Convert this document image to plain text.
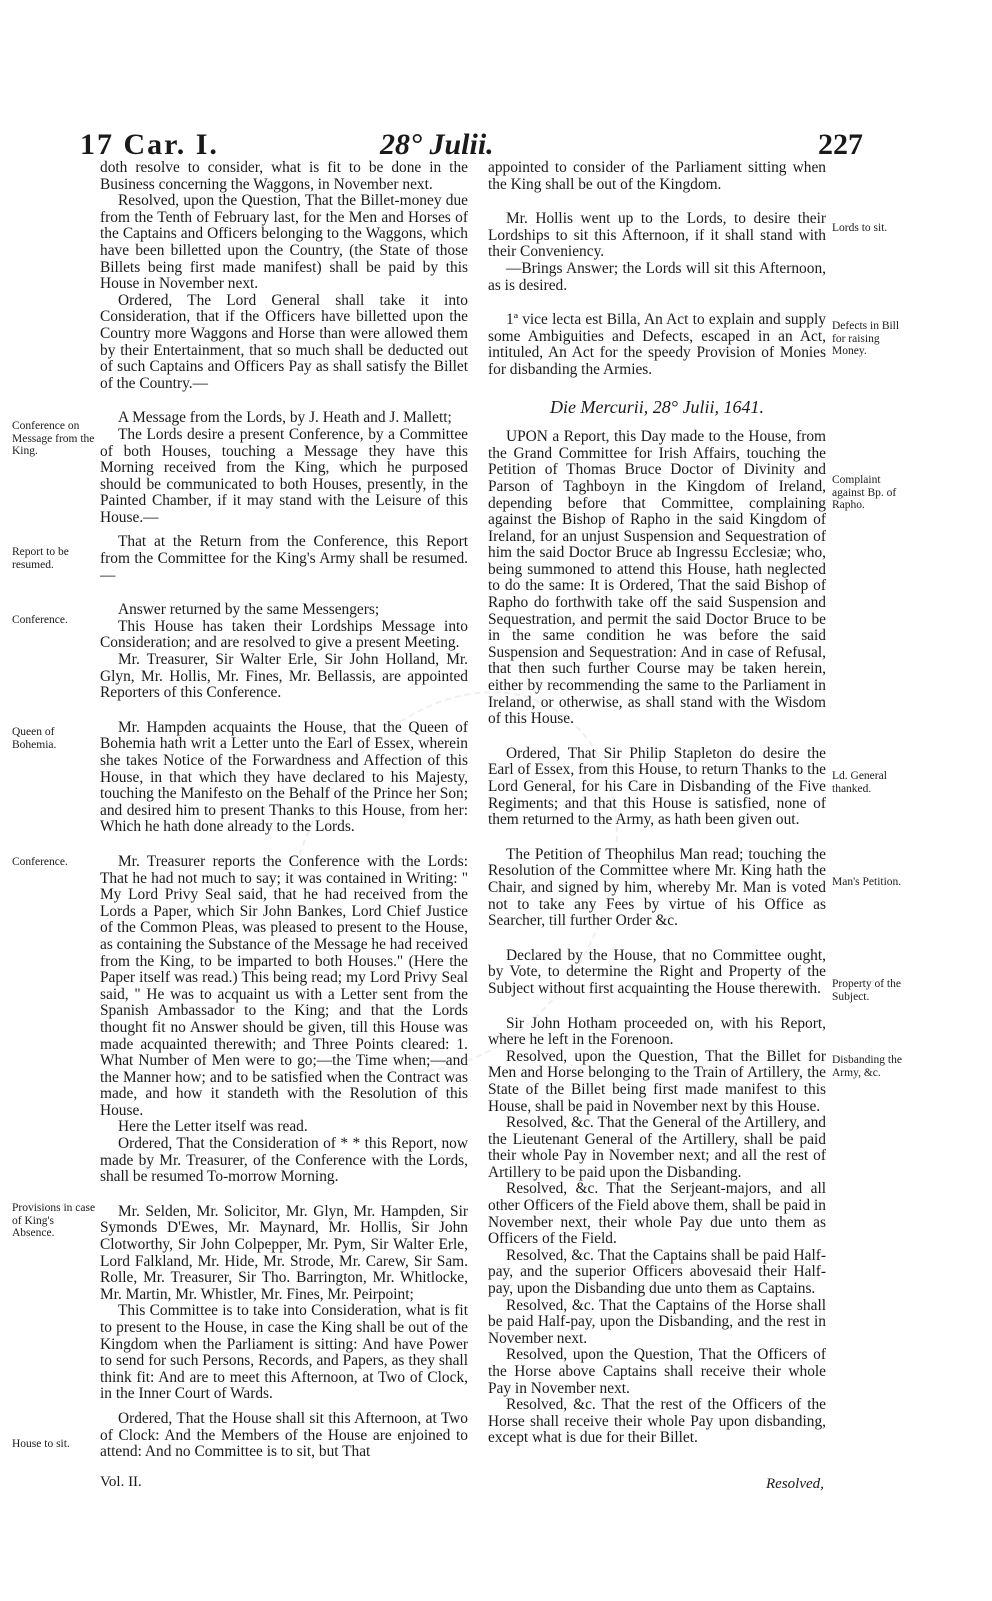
17 Car. I.	28° Julii.	227

doth resolve to consider, what is fit to be done in the Business concerning the Waggons, in November next.

Resolved, upon the Question, That the Billet-money due from the Tenth of February last, for the Men and Horses of the Captains and Officers belonging to the Waggons, which have been billetted upon the Country, (the State of those Billets being first made manifest) shall be paid by this House in November next.

Ordered, The Lord General shall take it into Consideration, that if the Officers have billetted upon the Country more Waggons and Horse than were allowed them by their Entertainment, that so much shall be deducted out of such Captains and Officers Pay as shall satisfy the Billet of the Country.—

A Message from the Lords, by J. Heath and J. Mallett;

The Lords desire a present Conference, by a Committee of both Houses, touching a Message they have this Morning received from the King, which he purposed should be communicated to both Houses, presently, in the Painted Chamber, if it may stand with the Leisure of this House.—

That at the Return from the Conference, this Report from the Committee for the King's Army shall be resumed.—

Answer returned by the same Messengers;

This House has taken their Lordships Message into Consideration; and are resolved to give a present Meeting.

Mr. Treasurer, Sir Walter Erle, Sir John Holland, Mr. Glyn, Mr. Hollis, Mr. Fines, Mr. Bellassis, are appointed Reporters of this Conference.

Mr. Hampden acquaints the House, that the Queen of Bohemia hath writ a Letter unto the Earl of Essex, wherein she takes Notice of the Forwardness and Affection of this House, in that which they have declared to his Majesty, touching the Manifesto on the Behalf of the Prince her Son; and desired him to present Thanks to this House, from her: Which he hath done already to the Lords.

Mr. Treasurer reports the Conference with the Lords: That he had not much to say; it was contained in Writing: " My Lord Privy Seal said, that he had received from the Lords a Paper, which Sir John Bankes, Lord Chief Justice of the Common Pleas, was pleased to present to the House, as containing the Substance of the Message he had received from the King, to be imparted to both Houses." (Here the Paper itself was read.) This being read; my Lord Privy Seal said, " He was to acquaint us with a Letter sent from the Spanish Ambassador to the King; and that the Lords thought fit no Answer should be given, till this House was made acquainted therewith; and Three Points cleared: 1. What Number of Men were to go;—the Time when;—and the Manner how; and to be satisfied when the Contract was made, and how it standeth with the Resolution of this House.

Here the Letter itself was read.

Ordered, That the Consideration of * * this Report, now made by Mr. Treasurer, of the Conference with the Lords, shall be resumed To-morrow Morning.

Mr. Selden, Mr. Solicitor, Mr. Glyn, Mr. Hampden, Sir Symonds D'Ewes, Mr. Maynard, Mr. Hollis, Sir John Clotworthy, Sir John Colpepper, Mr. Pym, Sir Walter Erle, Lord Falkland, Mr. Hide, Mr. Strode, Mr. Carew, Sir Sam. Rolle, Mr. Treasurer, Sir Tho. Barrington, Mr. Whitlocke, Mr. Martin, Mr. Whistler, Mr. Fines, Mr. Peirpoint;

This Committee is to take into Consideration, what is fit to present to the House, in case the King shall be out of the Kingdom when the Parliament is sitting: And have Power to send for such Persons, Records, and Papers, as they shall think fit: And are to meet this Afternoon, at Two of Clock, in the Inner Court of Wards.

Ordered, That the House shall sit this Afternoon, at Two of Clock: And the Members of the House are enjoined to attend: And no Committee is to sit, but That

appointed to consider of the Parliament sitting when the King shall be out of the Kingdom.

Mr. Hollis went up to the Lords, to desire their Lordships to sit this Afternoon, if it shall stand with their Conveniency.

—Brings Answer; the Lords will sit this Afternoon, as is desired.

1ª vice lecta est Billa, An Act to explain and supply some Ambiguities and Defects, escaped in an Act, intituled, An Act for the speedy Provision of Monies for disbanding the Armies.

Die Mercurii, 28° Julii, 1641.

UPON a Report, this Day made to the House, from the Grand Committee for Irish Affairs, touching the Petition of Thomas Bruce Doctor of Divinity and Parson of Taghboyn in the Kingdom of Ireland, depending before that Committee, complaining against the Bishop of Rapho in the said Kingdom of Ireland, for an unjust Suspension and Sequestration of him the said Doctor Bruce ab Ingressu Ecclesiæ; who, being summoned to attend this House, hath neglected to do the same: It is Ordered, That the said Bishop of Rapho do forthwith take off the said Suspension and Sequestration, and permit the said Doctor Bruce to be in the same condition he was before the said Suspension and Sequestration: And in case of Refusal, that then such further Course may be taken herein, either by recommending the same to the Parliament in Ireland, or otherwise, as shall stand with the Wisdom of this House.

Ordered, That Sir Philip Stapleton do desire the Earl of Essex, from this House, to return Thanks to the Lord General, for his Care in Disbanding of the Five Regiments; and that this House is satisfied, none of them returned to the Army, as hath been given out.

The Petition of Theophilus Man read; touching the Resolution of the Committee where Mr. King hath the Chair, and signed by him, whereby Mr. Man is voted not to take any Fees by virtue of his Office as Searcher, till further Order &c.

Declared by the House, that no Committee ought, by Vote, to determine the Right and Property of the Subject without first acquainting the House therewith.

Sir John Hotham proceeded on, with his Report, where he left in the Forenoon.

Resolved, upon the Question, That the Billet for Men and Horse belonging to the Train of Artillery, the State of the Billet being first made manifest to this House, shall be paid in November next by this House.

Resolved, &c. That the General of the Artillery, and the Lieutenant General of the Artillery, shall be paid their whole Pay in November next; and all the rest of Artillery to be paid upon the Disbanding.

Resolved, &c. That the Serjeant-majors, and all other Officers of the Field above them, shall be paid in November next, their whole Pay due unto them as Officers of the Field.

Resolved, &c. That the Captains shall be paid Half-pay, and the superior Officers abovesaid their Half-pay, upon the Disbanding due unto them as Captains.

Resolved, &c. That the Captains of the Horse shall be paid Half-pay, upon the Disbanding, and the rest in November next.

Resolved, upon the Question, That the Officers of the Horse above Captains shall receive their whole Pay in November next.

Resolved, &c. That the rest of the Officers of the Horse shall receive their whole Pay upon disbanding, except what is due for their Billet.

Conference on Message from the King.
Report to be resumed.
Conference.
Queen of Bohemia.
Conference.
Provisions in case of King's Absence.
House to sit.
Lords to sit.
Defects in Bill for raising Money.
Complaint against Bp. of Rapho.
Ld. General thanked.
Man's Petition.
Property of the Subject.
Disbanding the Army, &c.
Vol. II.	Resolved,
